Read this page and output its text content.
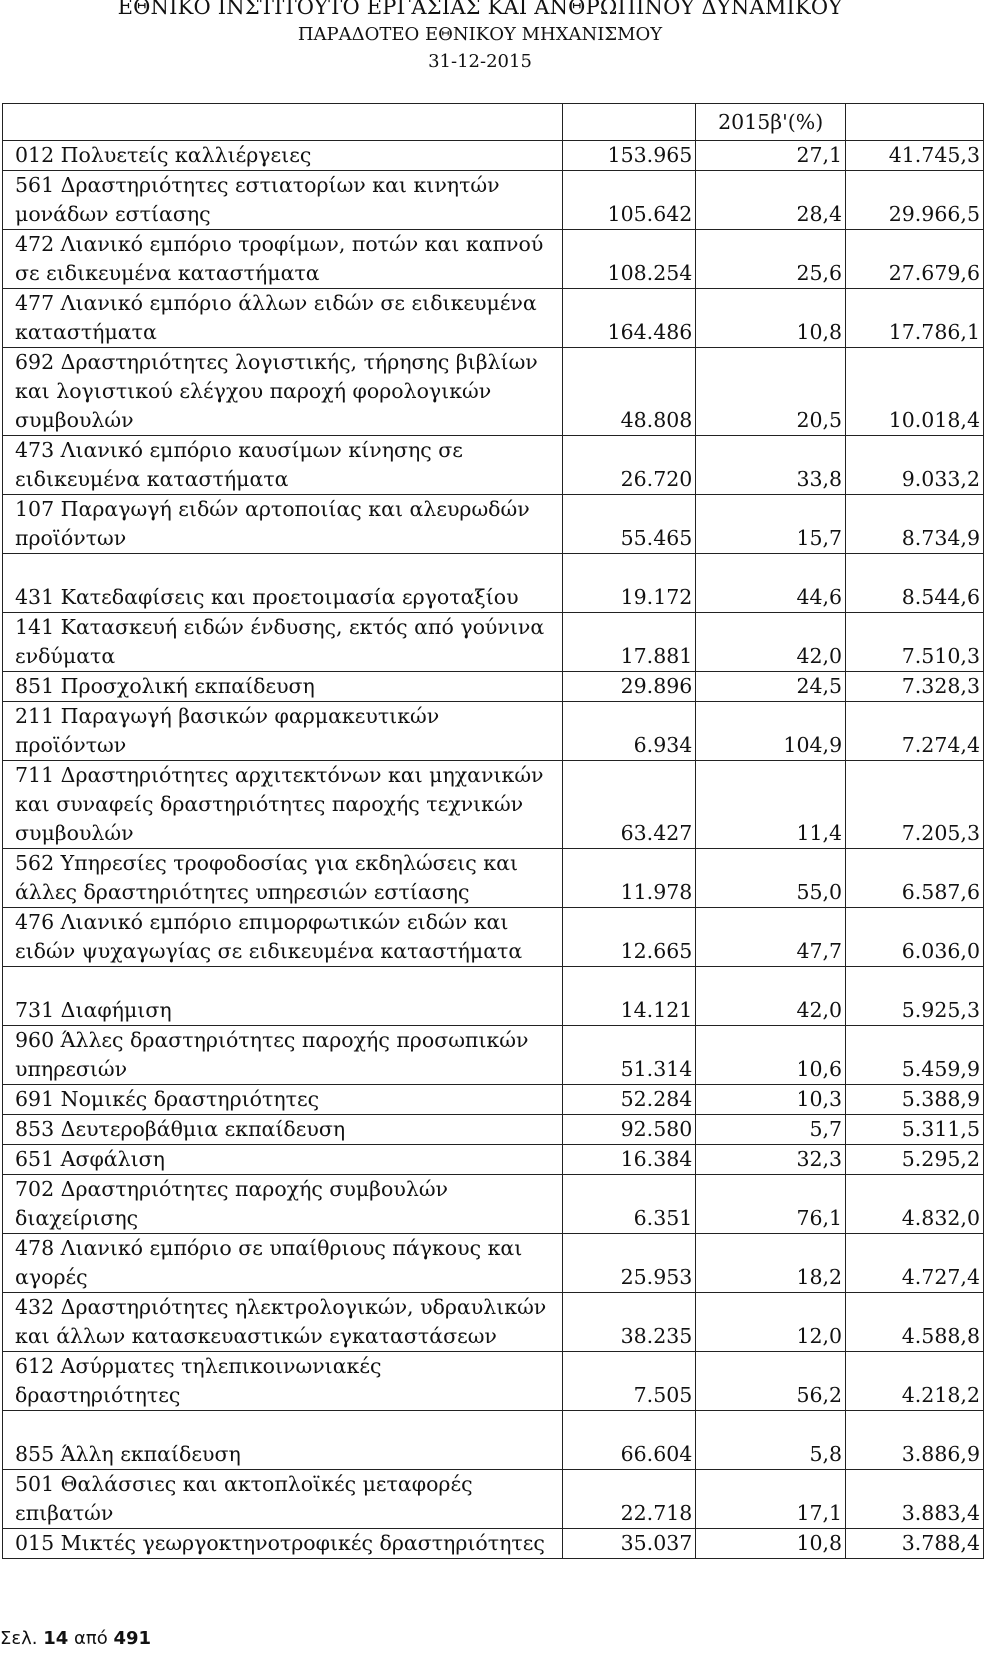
ΕΘΝΙΚΟ ΙΝΣΤΙΤΟΥΤΟ ΕΡΓΑΣΙΑΣ ΚΑΙ ΑΝΘΡΩΠΙΝΟΥ ΔΥΝΑΜΙΚΟΥ
ΠΑΡΑΔΟΤΕΟ ΕΘΝΙΚΟΥ ΜΗΧΑΝΙΣΜΟΥ
31-12-2015
		2015β'(%)	

012 Πολυετείς καλλιέργειες	153.965	27,1	41.745,3

561 Δραστηριότητες εστιατορίων και κινητών
μονάδων εστίασης	105.642	28,4	29.966,5

472 Λιανικό εμπόριο τροφίμων, ποτών και καπνού
σε ειδικευμένα καταστήματα	108.254	25,6	27.679,6

477 Λιανικό εμπόριο άλλων ειδών σε ειδικευμένα
καταστήματα	164.486	10,8	17.786,1

692 Δραστηριότητες λογιστικής, τήρησης βιβλίων
και λογιστικού ελέγχου παροχή φορολογικών
συμβουλών	48.808	20,5	10.018,4

473 Λιανικό εμπόριο καυσίμων κίνησης σε
ειδικευμένα καταστήματα	26.720	33,8	9.033,2

107 Παραγωγή ειδών αρτοποιίας και αλευρωδών
προϊόντων	55.465	15,7	8.734,9

431 Κατεδαφίσεις και προετοιμασία εργοταξίου	19.172	44,6	8.544,6

141 Κατασκευή ειδών ένδυσης, εκτός από γούνινα
ενδύματα	17.881	42,0	7.510,3

851 Προσχολική εκπαίδευση	29.896	24,5	7.328,3

211 Παραγωγή βασικών φαρμακευτικών
προϊόντων	6.934	104,9	7.274,4

711 Δραστηριότητες αρχιτεκτόνων και μηχανικών
και συναφείς δραστηριότητες παροχής τεχνικών
συμβουλών	63.427	11,4	7.205,3

562 Υπηρεσίες τροφοδοσίας για εκδηλώσεις και
άλλες δραστηριότητες υπηρεσιών εστίασης	11.978	55,0	6.587,6

476 Λιανικό εμπόριο επιμορφωτικών ειδών και
ειδών ψυχαγωγίας σε ειδικευμένα καταστήματα	12.665	47,7	6.036,0

731 Διαφήμιση	14.121	42,0	5.925,3

960 Άλλες δραστηριότητες παροχής προσωπικών
υπηρεσιών	51.314	10,6	5.459,9

691 Νομικές δραστηριότητες	52.284	10,3	5.388,9

853 Δευτεροβάθμια εκπαίδευση	92.580	5,7	5.311,5

651 Ασφάλιση	16.384	32,3	5.295,2

702 Δραστηριότητες παροχής συμβουλών
διαχείρισης	6.351	76,1	4.832,0

478 Λιανικό εμπόριο σε υπαίθριους πάγκους και
αγορές	25.953	18,2	4.727,4

432 Δραστηριότητες ηλεκτρολογικών, υδραυλικών
και άλλων κατασκευαστικών εγκαταστάσεων	38.235	12,0	4.588,8

612 Ασύρματες τηλεπικοινωνιακές
δραστηριότητες	7.505	56,2	4.218,2

855 Άλλη εκπαίδευση	66.604	5,8	3.886,9

501 Θαλάσσιες και ακτοπλοϊκές μεταφορές
επιβατών	22.718	17,1	3.883,4

015 Μικτές γεωργοκτηνοτροφικές δραστηριότητες	35.037	10,8	3.788,4
Σελ. 14 από 491
